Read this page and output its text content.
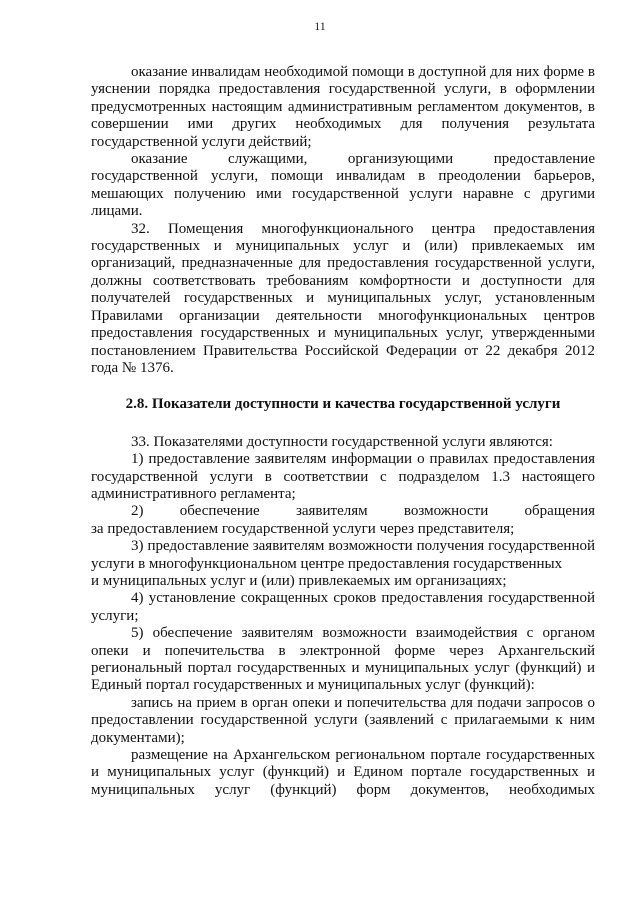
11

оказание инвалидам необходимой помощи в доступной для них форме в уяснении порядка предоставления государственной услуги, в оформлении предусмотренных настоящим административным регламентом документов, в совершении ими других необходимых для получения результата государственной услуги действий;

оказание служащими, организующими предоставление государственной услуги, помощи инвалидам в преодолении барьеров, мешающих получению ими государственной услуги наравне с другими лицами.

32. Помещения многофункционального центра предоставления государственных и муниципальных услуг и (или) привлекаемых им организаций, предназначенные для предоставления государственной услуги, должны соответствовать требованиям комфортности и доступности для получателей государственных и муниципальных услуг, установленным Правилами организации деятельности многофункциональных центров предоставления государственных и муниципальных услуг, утвержденными постановлением Правительства Российской Федерации от 22 декабря 2012 года № 1376.

2.8. Показатели доступности и качества государственной услуги

33. Показателями доступности государственной услуги являются:

1) предоставление заявителям информации о правилах предоставления государственной услуги в соответствии с подразделом 1.3 настоящего административного регламента;

2) обеспечение заявителям возможности обращения

за предоставлением государственной услуги через представителя;

3) предоставление заявителям возможности получения государственной услуги в многофункциональном центре предоставления государственных

и муниципальных услуг и (или) привлекаемых им организациях;

4) установление сокращенных сроков предоставления государственной услуги;

5) обеспечение заявителям возможности взаимодействия с органом опеки и попечительства в электронной форме через Архангельский региональный портал государственных и муниципальных услуг (функций) и Единый портал государственных и муниципальных услуг (функций):

запись на прием в орган опеки и попечительства для подачи запросов о предоставлении государственной услуги (заявлений с прилагаемыми к ним документами);

размещение на Архангельском региональном портале государственных и муниципальных услуг (функций) и Едином портале государственных и муниципальных услуг (функций) форм документов, необходимых
